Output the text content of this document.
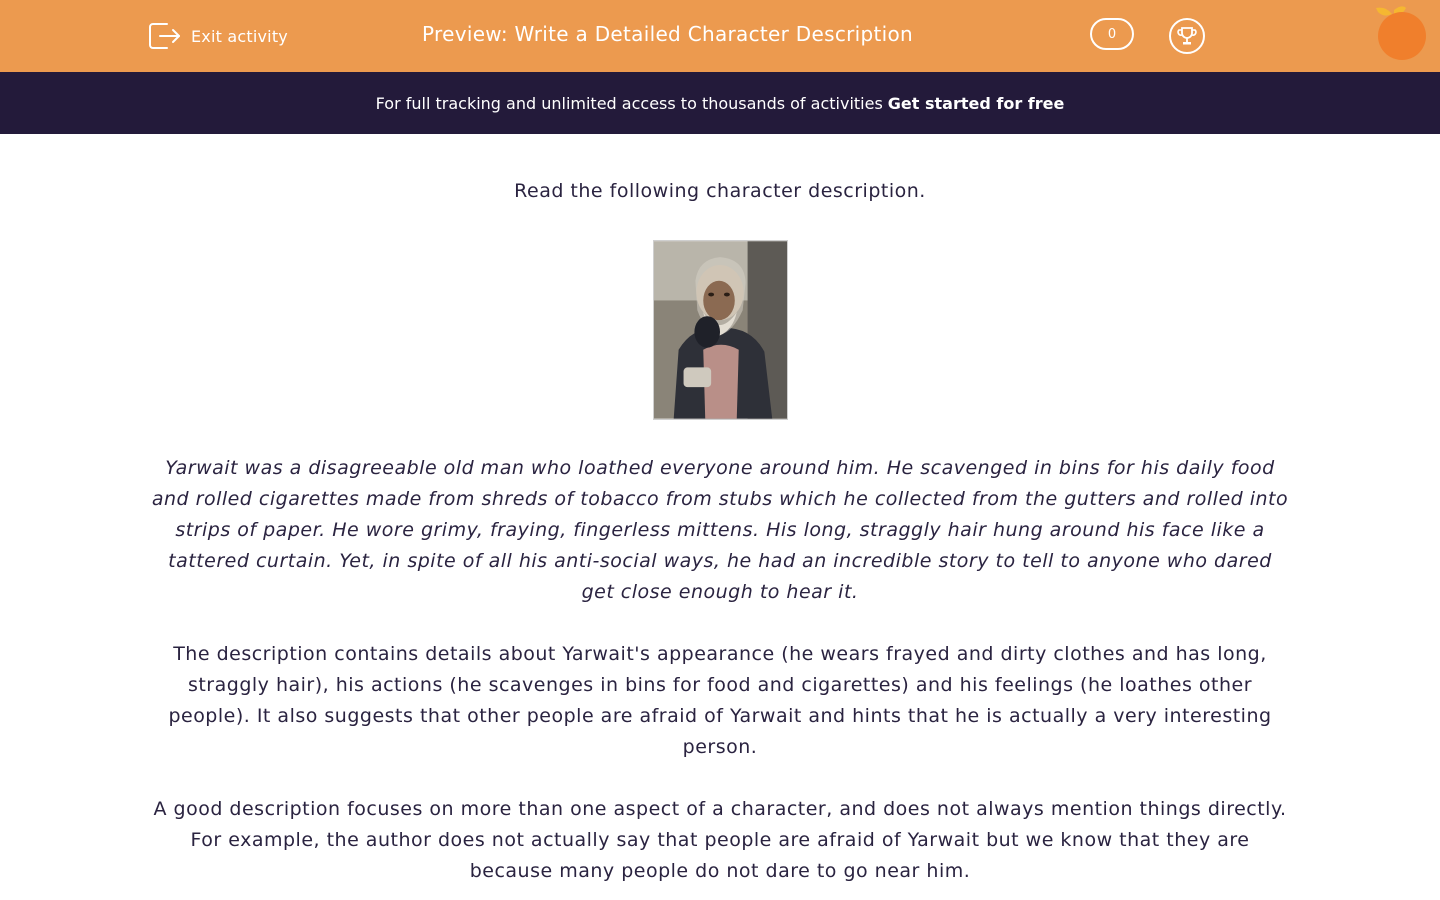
Exit activity	Preview: Write a Detailed Character Description	0
For full tracking and unlimited access to thousands of activities Get started for free

Read the following character description.

Yarwait was a disagreeable old man who loathed everyone around him. He scavenged in bins for his daily food and rolled cigarettes made from shreds of tobacco from stubs which he collected from the gutters and rolled into strips of paper. He wore grimy, fraying, fingerless mittens. His long, straggly hair hung around his face like a tattered curtain. Yet, in spite of all his anti-social ways, he had an incredible story to tell to anyone who dared get close enough to hear it.

The description contains details about Yarwait's appearance (he wears frayed and dirty clothes and has long, straggly hair), his actions (he scavenges in bins for food and cigarettes) and his feelings (he loathes other people). It also suggests that other people are afraid of Yarwait and hints that he is actually a very interesting person.

A good description focuses on more than one aspect of a character, and does not always mention things directly. For example, the author does not actually say that people are afraid of Yarwait but we know that they are because many people do not dare to go near him.
